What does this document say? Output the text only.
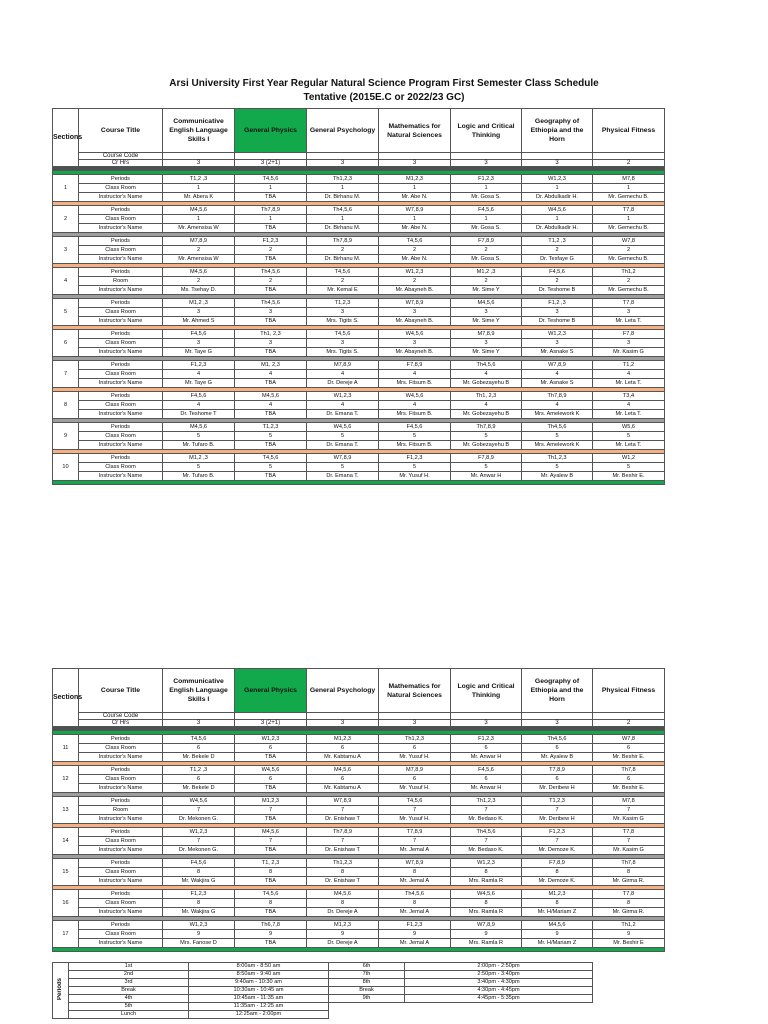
Arsi University First Year Regular Natural Science Program First Semester Class Schedule
Tentative (2015E.C or 2022/23 GC)
Sections	Course Title	Communicative English Language Skills I	General Physics	General Psychology	Mathematics for Natural Sciences	Logic and Critical Thinking	Geography of Ethiopia and the Horn	Physical Fitness
	Course Code							
	Cr Hrs	3	3 (2+1)	3	3	3	3	2

1	Periods	T1,2 ,3	T4,5,6	Th1,2,3	M1,2,3	F1,2,3	W1,2,3	M7,8
	Class Room	1	1	1	1	1	1	1
	Instructor's Name	Mr. Abera K	TBA	Dr. Birhanu M.	Mr. Abe N.	Mr. Gosa S.	Dr. Abdulkadir H.	Mr. Gemechu B.

2	Periods	M4,5,6	Th7,8,9	Th4,5,6	W7,8,9	F4,5,6	W4,5,6	T7,8
	Class Room	1	1	1	1	1	1	1
	Instructor's Name	Mr. Amensisa W	TBA	Dr. Birhanu M.	Mr. Abe N.	Mr. Gosa S.	Dr. Abdulkadir H.	Mr. Gemechu B.

3	Periods	M7,8,9	F1,2,3	Th7,8,9	T4,5,6	F7,8,9	T1,2 ,3	W7,8
	Class Room	2	2	2	2	2	2	2
	Instructor's Name	Mr. Amensisa W	TBA	Dr. Birhanu M.	Mr. Abe N.	Mr. Gosa S.	Dr. Tesfaye G	Mr. Gemechu B.

4	Periods	M4,5,6	Th4,5,6	T4,5,6	W1,2,3	M1,2 ,3	F4,5,6	Th1,2
	Room	2	2	2	2	2	2	2
	Instructor's Name	Ms. Tsehay D.	TBA	Mr. Kemal E	Mr. Abayneh B.	Mr. Sime Y	Dr. Teshome B	Mr. Gemechu B.

5	Periods	M1,2 ,3	Th4,5,6	T1,2,3	W7,8,9	M4,5,6	F1,2 ,3	T7,8
	Class Room	3	3	3	3	3	3	3
	Instructor's Name	Mr. Ahmed S	TBA	Mrs. Tigits S.	Mr. Abayneh B.	Mr. Sime Y	Dr. Teshome B	Mr. Leta T.

6	Periods	F4,5,6	Th1, 2,3	T4,5,6	W4,5,6	M7,8,9	W1,2,3	F7,8
	Class Room	3	3	3	3	3	3	3
	Instructor's Name	Mr. Taye G	TBA	Mrs. Tigits S.	Mr. Abayneh B.	Mr. Sime Y	Mr. Asnake S	Mr. Kasim G

7	Periods	F1,2,3	M1, 2,3	M7,8,9	F7,8,9	Th4,5,6	W7,8,9	T1,2
	Class Room	4	4	4	4	4	4	4
	Instructor's Name	Mr. Taye G	TBA	Dr. Dereje A	Mrs. Fitsum B.	Mr. Gobezayehu B	Mr. Asnake S	Mr. Leta T.

8	Periods	F4,5,6	M4,5,6	W1,2,3	W4,5,6	Th1, 2,3	Th7,8,9	T3,4
	Class Room	4	4	4	4	4	4	4
	Instructor's Name	Dr. Teshome T	TBA	Dr. Emana T.	Mrs. Fitsum B.	Mr. Gobezayehu B	Mrs. Amelework K	Mr. Leta T.

9	Periods	M4,5,6	T1,2,3	W4,5,6	F4,5,6	Th7,8,9	Th4,5,6	W5,6
	Class Room	5	5	5	5	5	5	5
	Instructor's Name	Mr. Tufaro B.	TBA	Dr. Emana T.	Mrs. Fitsum B.	Mr. Gobezayehu B	Mrs. Amelework K	Mr. Leta T.

10	Periods	M1,2 ,3	T4,5,6	W7,8,9	F1,2,3	F7,8,9	Th1,2,3	W1,2
	Class Room	5	5	5	5	5	5	5
	Instructor's Name	Mr. Tufaro B.	TBA	Dr. Emana T.	Mr. Yusuf H.	Mr. Anwar H	Mr. Ayalew B	Mr. Beshir E.

Sections	Course Title	Communicative English Language Skills I	General Physics	General Psychology	Mathematics for Natural Sciences	Logic and Critical Thinking	Geography of Ethiopia and the Horn	Physical Fitness
	Course Code							
	Cr Hrs	3	3 (2+1)	3	3	3	3	2

11	Periods	T4,5,6	W1,2,3	M1,2,3	Th1,2,3	F1,2,3	Th4,5,6	W7,8
	Class Room	6	6	6	6	6	6	6
	Instructor's Name	Mr. Bekele D	TBA	Mr. Kabtamu A	Mr. Yusuf H.	Mr. Anwar H	Mr. Ayalew B	Mr. Beshir E.

12	Periods	T1,2 ,3	W4,5,6	M4,5,6	M7,8,9	F4,5,6	T7,8,9	Th7,8
	Class Room	6	6	6	6	6	6	6
	Instructor's Name	Mr. Bekele D	TBA	Mr. Kabtamu A	Mr. Yusuf H.	Mr. Anwar H	Mr. Deribew H	Mr. Beshir E.

13	Periods	W4,5,6	M1,2,3	W7,8,9	T4,5,6	Th1,2,3	T1,2,3	M7,8
	Room	7	7	7	7	7	7	7
	Instructor's Name	Dr. Mekonen G.	TBA	Dr. Enishaw T	Mr. Yusuf H.	Mr. Bedaso K.	Mr. Deribew H	Mr. Kasim G

14	Periods	W1,2,3	M4,5,6	Th7,8,9	T7,8,9	Th4,5,6	F1,2,3	T7,8
	Class Room	7	7	7	7	7	7	7
	Instructor's Name	Dr. Mekonen G.	TBA	Dr. Enishaw T	Mr. Jemal A	Mr. Bedaso K.	Mr. Demoze K.	Mr. Kasim G

15	Periods	F4,5,6	T1, 2,3	Th1,2,3	W7,8,9	W1,2,3	F7,8,9	Th7,8
	Class Room	8	8	8	8	8	8	8
	Instructor's Name	Mr. Wakjira G	TBA	Dr. Enishaw T	Mr. Jemal A	Mrs. Ramla R	Mr. Demoze K.	Mr. Girma R.

16	Periods	F1,2,3	T4,5,6	M4,5,6	Th4,5,6	W4,5,6	M1,2,3	T7,8
	Class Room	8	8	8	8	8	8	8
	Instructor's Name	Mr. Wakjira G	TBA	Dr. Dereje A	Mr. Jemal A	Mrs. Ramla R	Mr. H/Mariam Z	Mr. Girma R.

17	Periods	W1,2,3	Th6,7,8	M1,2,3	F1,2,3	W7,8,9	M4,5,6	Th1,2
	Class Room	9	9	9	9	9	9	9
	Instructor's Name	Mrs. Fanose D	TBA	Dr. Dereje A	Mr. Jemal A	Mrs. Ramla R	Mr. H/Mariam Z	Mr. Beshir E

Periods	1st	8:00am - 8:50 am	6th	2:00pm - 2:50pm
	2nd	8:50am - 9:40 am	7th	2:50pm - 3:40pm
	3rd	9:40am - 10:30 am	8th	3:40pm - 4:30pm
	Break	10:30am - 10:45 am	Break	4:30pm - 4:45pm
	4th	10:45am - 11:35 am	9th	4:45pm - 5:35pm
	5th	11:35am - 12:25 am		
	Lunch	12:25am - 2:00pm		
